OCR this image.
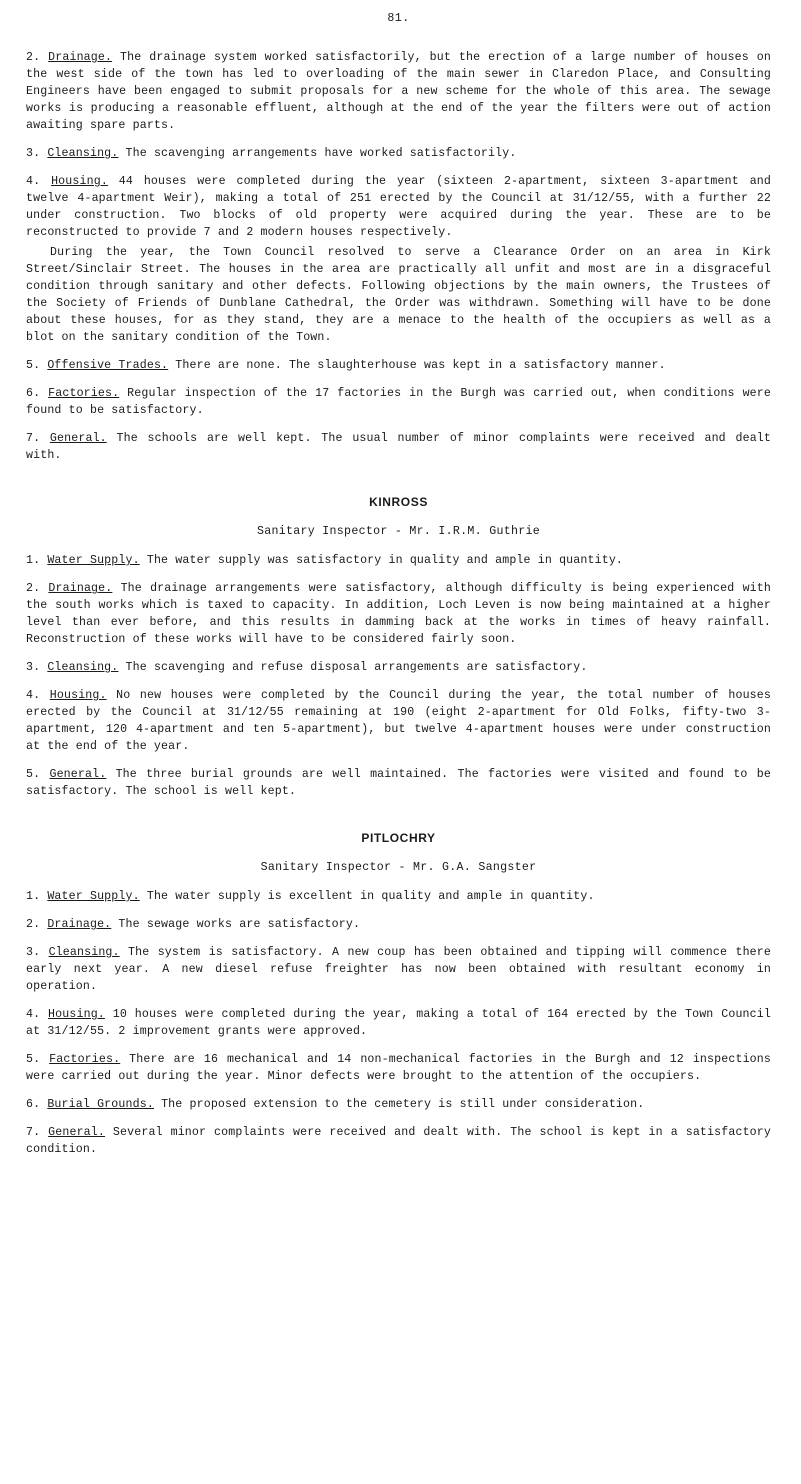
81.

2. Drainage. The drainage system worked satisfactorily, but the erection of a large number of houses on the west side of the town has led to overloading of the main sewer in Claredon Place, and Consulting Engineers have been engaged to submit proposals for a new scheme for the whole of this area. The sewage works is producing a reasonable effluent, although at the end of the year the filters were out of action awaiting spare parts.

3. Cleansing. The scavenging arrangements have worked satisfactorily.

4. Housing. 44 houses were completed during the year (sixteen 2-apartment, sixteen 3-apartment and twelve 4-apartment Weir), making a total of 251 erected by the Council at 31/12/55, with a further 22 under construction. Two blocks of old property were acquired during the year. These are to be reconstructed to provide 7 and 2 modern houses respectively.

During the year, the Town Council resolved to serve a Clearance Order on an area in Kirk Street/Sinclair Street. The houses in the area are practically all unfit and most are in a disgraceful condition through sanitary and other defects. Following objections by the main owners, the Trustees of the Society of Friends of Dunblane Cathedral, the Order was withdrawn. Something will have to be done about these houses, for as they stand, they are a menace to the health of the occupiers as well as a blot on the sanitary condition of the Town.

5. Offensive Trades. There are none. The slaughterhouse was kept in a satisfactory manner.

6. Factories. Regular inspection of the 17 factories in the Burgh was carried out, when conditions were found to be satisfactory.

7. General. The schools are well kept. The usual number of minor complaints were received and dealt with.

KINROSS
Sanitary Inspector - Mr. I.R.M. Guthrie

1. Water Supply. The water supply was satisfactory in quality and ample in quantity.

2. Drainage. The drainage arrangements were satisfactory, although difficulty is being experienced with the south works which is taxed to capacity. In addition, Loch Leven is now being maintained at a higher level than ever before, and this results in damming back at the works in times of heavy rainfall. Reconstruction of these works will have to be considered fairly soon.

3. Cleansing. The scavenging and refuse disposal arrangements are satisfactory.

4. Housing. No new houses were completed by the Council during the year, the total number of houses erected by the Council at 31/12/55 remaining at 190 (eight 2-apartment for Old Folks, fifty-two 3-apartment, 120 4-apartment and ten 5-apartment), but twelve 4-apartment houses were under construction at the end of the year.

5. General. The three burial grounds are well maintained. The factories were visited and found to be satisfactory. The school is well kept.

PITLOCHRY
Sanitary Inspector - Mr. G.A. Sangster

1. Water Supply. The water supply is excellent in quality and ample in quantity.

2. Drainage. The sewage works are satisfactory.

3. Cleansing. The system is satisfactory. A new coup has been obtained and tipping will commence there early next year. A new diesel refuse freighter has now been obtained with resultant economy in operation.

4. Housing. 10 houses were completed during the year, making a total of 164 erected by the Town Council at 31/12/55. 2 improvement grants were approved.

5. Factories. There are 16 mechanical and 14 non-mechanical factories in the Burgh and 12 inspections were carried out during the year. Minor defects were brought to the attention of the occupiers.

6. Burial Grounds. The proposed extension to the cemetery is still under consideration.

7. General. Several minor complaints were received and dealt with. The school is kept in a satisfactory condition.
